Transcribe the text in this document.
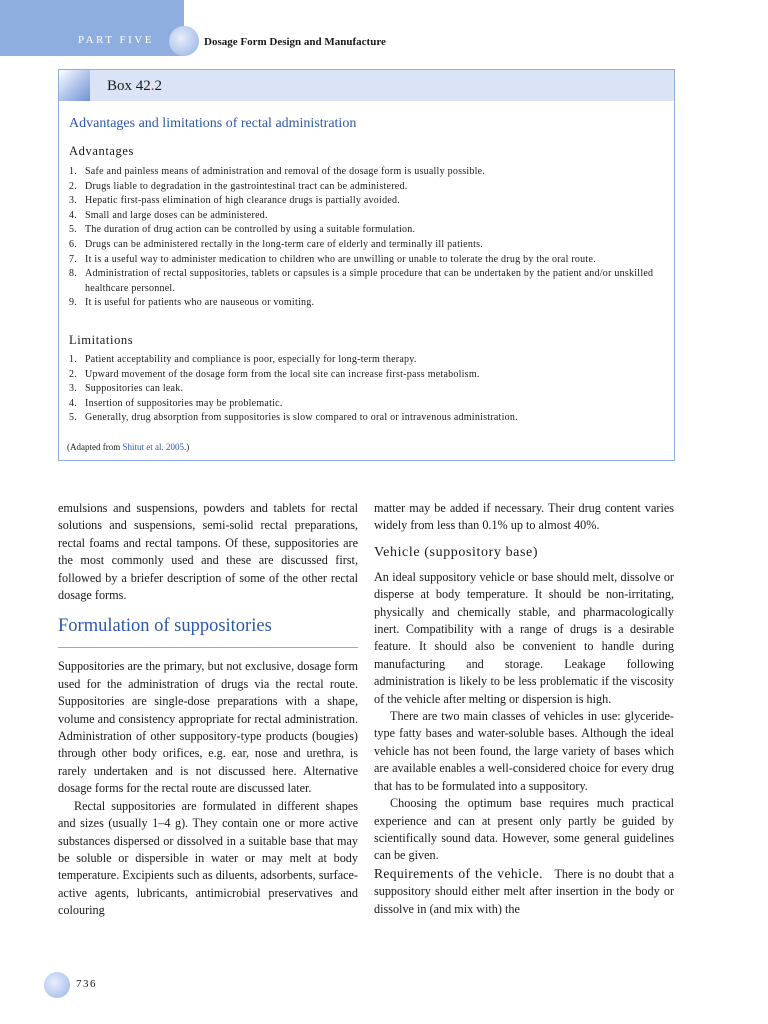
PART FIVE	Dosage Form Design and Manufacture
Box 42.2
Advantages and limitations of rectal administration
Advantages
1. Safe and painless means of administration and removal of the dosage form is usually possible.
2. Drugs liable to degradation in the gastrointestinal tract can be administered.
3. Hepatic first-pass elimination of high clearance drugs is partially avoided.
4. Small and large doses can be administered.
5. The duration of drug action can be controlled by using a suitable formulation.
6. Drugs can be administered rectally in the long-term care of elderly and terminally ill patients.
7. It is a useful way to administer medication to children who are unwilling or unable to tolerate the drug by the oral route.
8. Administration of rectal suppositories, tablets or capsules is a simple procedure that can be undertaken by the patient and/or unskilled healthcare personnel.
9. It is useful for patients who are nauseous or vomiting.
Limitations
1. Patient acceptability and compliance is poor, especially for long-term therapy.
2. Upward movement of the dosage form from the local site can increase first-pass metabolism.
3. Suppositories can leak.
4. Insertion of suppositories may be problematic.
5. Generally, drug absorption from suppositories is slow compared to oral or intravenous administration.
(Adapted from Shitut et al. 2005.)

emulsions and suspensions, powders and tablets for rectal solutions and suspensions, semi-solid rectal preparations, rectal foams and rectal tampons. Of these, suppositories are the most commonly used and these are discussed first, followed by a briefer description of some of the other rectal dosage forms.

Formulation of suppositories

Suppositories are the primary, but not exclusive, dosage form used for the administration of drugs via the rectal route. Suppositories are single-dose preparations with a shape, volume and consistency appropriate for rectal administration. Administration of other suppository-type products (bougies) through other body orifices, e.g. ear, nose and urethra, is rarely undertaken and is not discussed here. Alternative dosage forms for the rectal route are discussed later.

Rectal suppositories are formulated in different shapes and sizes (usually 1–4 g). They contain one or more active substances dispersed or dissolved in a suitable base that may be soluble or dispersible in water or may melt at body temperature. Excipients such as diluents, adsorbents, surface-active agents, lubricants, antimicrobial preservatives and colouring

matter may be added if necessary. Their drug content varies widely from less than 0.1% up to almost 40%.

Vehicle (suppository base)

An ideal suppository vehicle or base should melt, dissolve or disperse at body temperature. It should be non-irritating, physically and chemically stable, and pharmacologically inert. Compatibility with a range of drugs is a desirable feature. It should also be convenient to handle during manufacturing and storage. Leakage following administration is likely to be less problematic if the viscosity of the vehicle after melting or dispersion is high.

There are two main classes of vehicles in use: glyceride-type fatty bases and water-soluble bases. Although the ideal vehicle has not been found, the large variety of bases which are available enables a well-considered choice for every drug that has to be formulated into a suppository.

Choosing the optimum base requires much practical experience and can at present only partly be guided by scientifically sound data. However, some general guidelines can be given.

Requirements of the vehicle. There is no doubt that a suppository should either melt after insertion in the body or dissolve in (and mix with) the

736
